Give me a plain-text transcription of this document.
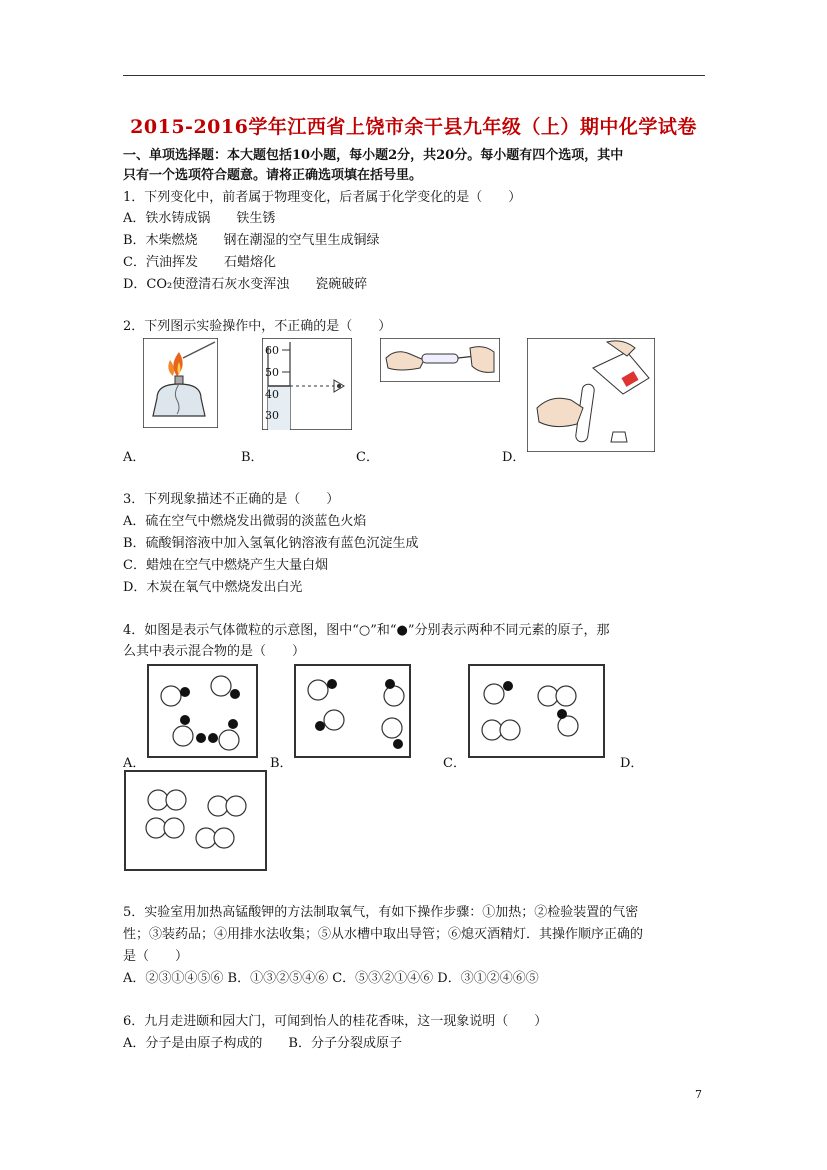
2015-2016学年江西省上饶市余干县九年级（上）期中化学试卷
一、单项选择题：本大题包括10小题，每小题2分，共20分。每小题有四个选项，其中
只有一个选项符合题意。请将正确选项填在括号里。
1．下列变化中，前者属于物理变化，后者属于化学变化的是（　　）
A．铁水铸成锅　　铁生锈
B．木柴燃烧　　钢在潮湿的空气里生成铜绿
C．汽油挥发　　石蜡熔化
D．CO₂使澄清石灰水变浑浊　　瓷碗破碎
2．下列图示实验操作中，不正确的是（　　）
60
50
40
30
A．	B．	C．	D．
3．下列现象描述不正确的是（　　）
A．硫在空气中燃烧发出微弱的淡蓝色火焰
B．硫酸铜溶液中加入氢氧化钠溶液有蓝色沉淀生成
C．蜡烛在空气中燃烧产生大量白烟
D．木炭在氧气中燃烧发出白光
4．如图是表示气体微粒的示意图，图中“○”和“●”分别表示两种不同元素的原子，那
么其中表示混合物的是（　　）
A．	B．	C．	D．
5．实验室用加热高锰酸钾的方法制取氧气，有如下操作步骤：①加热；②检验装置的气密
性；③装药品；④用排水法收集；⑤从水槽中取出导管；⑥熄灭酒精灯．其操作顺序正确的
是（　　）
A．②③①④⑤⑥ B．①③②⑤④⑥ C．⑤③②①④⑥ D．③①②④⑥⑤
6．九月走进颐和园大门，可闻到怡人的桂花香味，这一现象说明（　　）
A．分子是由原子构成的　　B．分子分裂成原子
7
